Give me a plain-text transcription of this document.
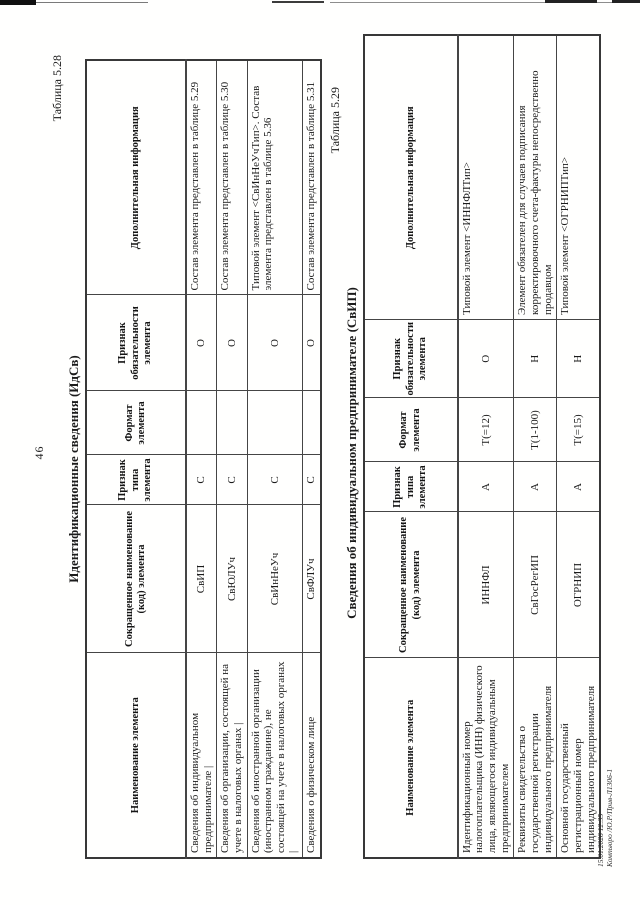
46
Таблица 5.28
Идентификационные сведения (ИдСв)
Наименование элемента	Сокращенное наименование (код) элемента	Признак типа элемента	Формат элемента	Признак обязательности элемента	Дополнительная информация
Сведения об индивидуальном предпринимателе |	СвИП	С		О	Состав элемента представлен в таблице 5.29
Сведения об организации, состоящей на учете в налоговых органах |	СвЮЛУч	С		О	Состав элемента представлен в таблице 5.30
Сведения об иностранной организации (иностранном гражданине), не состоящей на учете в налоговых органах |	СвИнНеУч	С		О	Типовой элемент <СвИнНеУчТип>. Состав элемента представлен в таблице 5.36
Сведения о физическом лице	СвФЛУч	С		О	Состав элемента представлен в таблице 5.31 Таблица 5.29
Сведения об индивидуальном предпринимателе (СвИП)
Наименование элемента	Сокращенное наименование (код) элемента	Признак типа элемента	Формат элемента	Признак обязательности элемента	Дополнительная информация
Идентификационный номер налогоплательщика (ИНН) физического лица, являющегося индивидуальным предпринимателем	ИННФЛ	А	Т(=12)	О	Типовой элемент <ИННФЛТип>
Реквизиты свидетельства о государственной регистрации индивидуального предпринимателя	СвГосРегИП	А	Т(1-100)	Н	Элемент обязателен для случаев подписания корректировочного счета-фактуры непосредственно продавцом
Основной государственный регистрационный номер индивидуального предпринимателя	ОГРНИП	А	Т(=15)	Н	Типовой элемент <ОГРНИПТип>
15.01.2026 12:35 Компьюро /Ю.Р/Прив-Л1306-1
